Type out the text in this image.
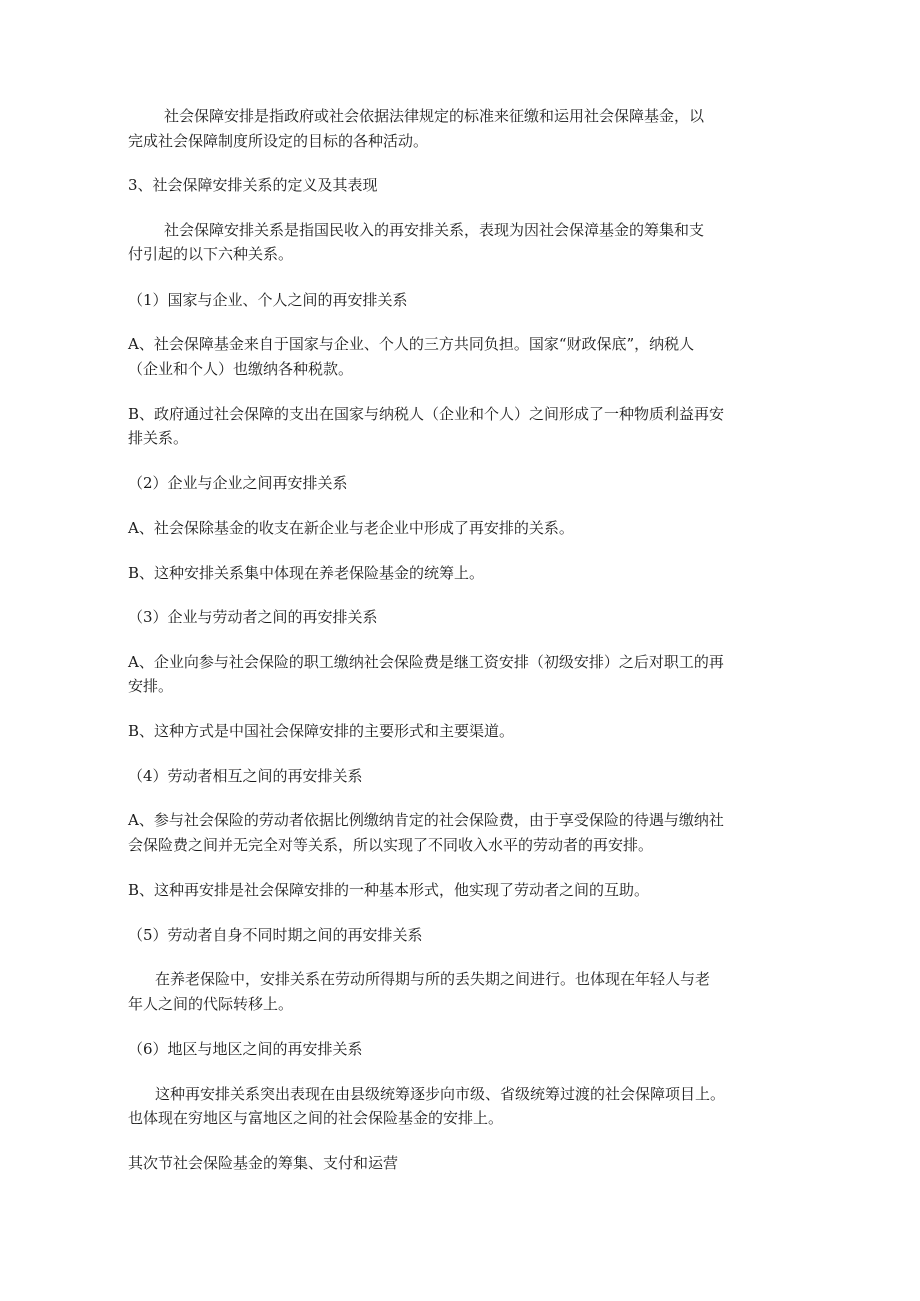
社会保障安排是指政府或社会依据法律规定的标准来征缴和运用社会保障基金，以
完成社会保障制度所设定的目标的各种活动。
3、社会保障安排关系的定义及其表现
社会保障安排关系是指国民收入的再安排关系，表现为因社会保漳基金的筹集和支
付引起的以下六种关系。
（1）国家与企业、个人之间的再安排关系
A、社会保障基金来自于国家与企业、个人的三方共同负担。国家“财政保底”，纳税人
（企业和个人）也缴纳各种税款。
B、政府通过社会保障的支出在国家与纳税人（企业和个人）之间形成了一种物质利益再安
排关系。
（2）企业与企业之间再安排关系
A、社会保除基金的收支在新企业与老企业中形成了再安排的关系。
B、这种安排关系集中体现在养老保险基金的统筹上。
（3）企业与劳动者之间的再安排关系
A、企业向参与社会保险的职工缴纳社会保险费是继工资安排（初级安排）之后对职工的再
安排。
B、这种方式是中国社会保障安排的主要形式和主要渠道。
（4）劳动者相互之间的再安排关系
A、参与社会保险的劳动者依据比例缴纳肯定的社会保险费，由于享受保险的待遇与缴纳社
会保险费之间并无完全对等关系，所以实现了不同收入水平的劳动者的再安排。
B、这种再安排是社会保障安排的一种基本形式，他实现了劳动者之间的互助。
（5）劳动者自身不同时期之间的再安排关系
在养老保险中，安排关系在劳动所得期与所的丢失期之间进行。也体现在年轻人与老
年人之间的代际转移上。
（6）地区与地区之间的再安排关系
这种再安排关系突出表现在由县级统筹逐步向市级、省级统筹过渡的社会保障项目上。
也体现在穷地区与富地区之间的社会保险基金的安排上。
其次节社会保险基金的筹集、支付和运营
